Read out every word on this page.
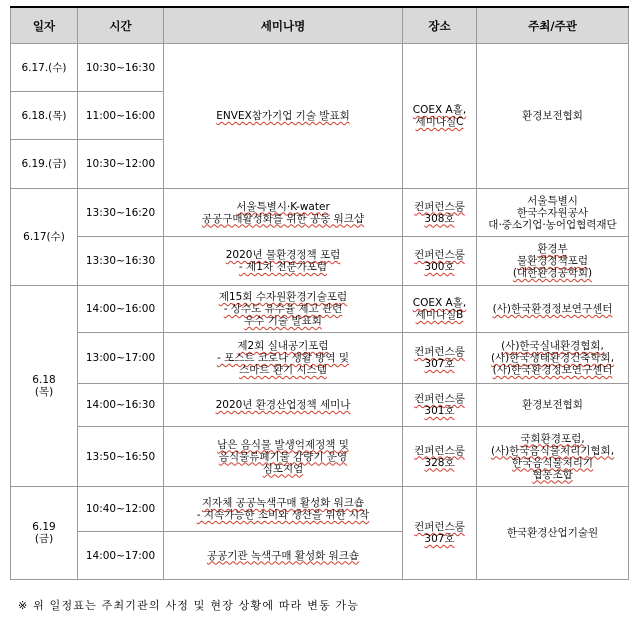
일자	시간	세미나명	장소	주최/주관
6.17.(수)	10:30~16:30	ENVEX참가기업 기술 발표회	COEX A홀,
세미나실C	환경보전협회
6.18.(목)	11:00~16:00			
6.19.(금)	10:30~12:00			
6.17(수)	13:30~16:20	서울특별시·K-water
공공구매활성화를 위한 공동 워크샵	컨퍼런스룸
308호	서울특별시
한국수자원공사
대·중소기업·농어업협력재단
	13:30~16:30	2020년 물환경정책 포럼
- 제1차 전문가포럼	컨퍼런스룸
300호	환경부
물환경정책포럼
(대한환경공학회)
6.18
(목)	14:00~16:00	제15회 수자원환경기술포럼
- 상수도 유수율 제고 관련
우수 기술 발표회	COEX A홀,
세미나실B	(사)한국환경정보연구센터
	13:00~17:00	제2회 실내공기포럼
- 포스트 코로나 생활 방역 및
스마트 환기 시스템	컨퍼런스룸
307호	(사)한국실내환경협회,
(사)한국생태환경건축학회,
(사)한국환경정보연구센터
	14:00~16:30	2020년 환경산업정책 세미나	컨퍼런스룸
301호	환경보전협회
	13:50~16:50	남은 음식물 발생억제정책 및
음식물류폐기물 감량기 운영
심포지엄	컨퍼런스룸
328호	국회환경포럼,
(사)한국음식물처리기협회,
한국음식물처리기
협동조합
6.19
(금)	10:40~12:00	지자체 공공녹색구매 활성화 워크숍
- 지속가능한 소비와 생산을 위한 시작	컨퍼런스룸
307호	한국환경산업기술원
	14:00~17:00	공공기관 녹색구매 활성화 워크숍		
※ 위 일정표는 주최기관의 사정 및 현장 상황에 따라 변동 가능
